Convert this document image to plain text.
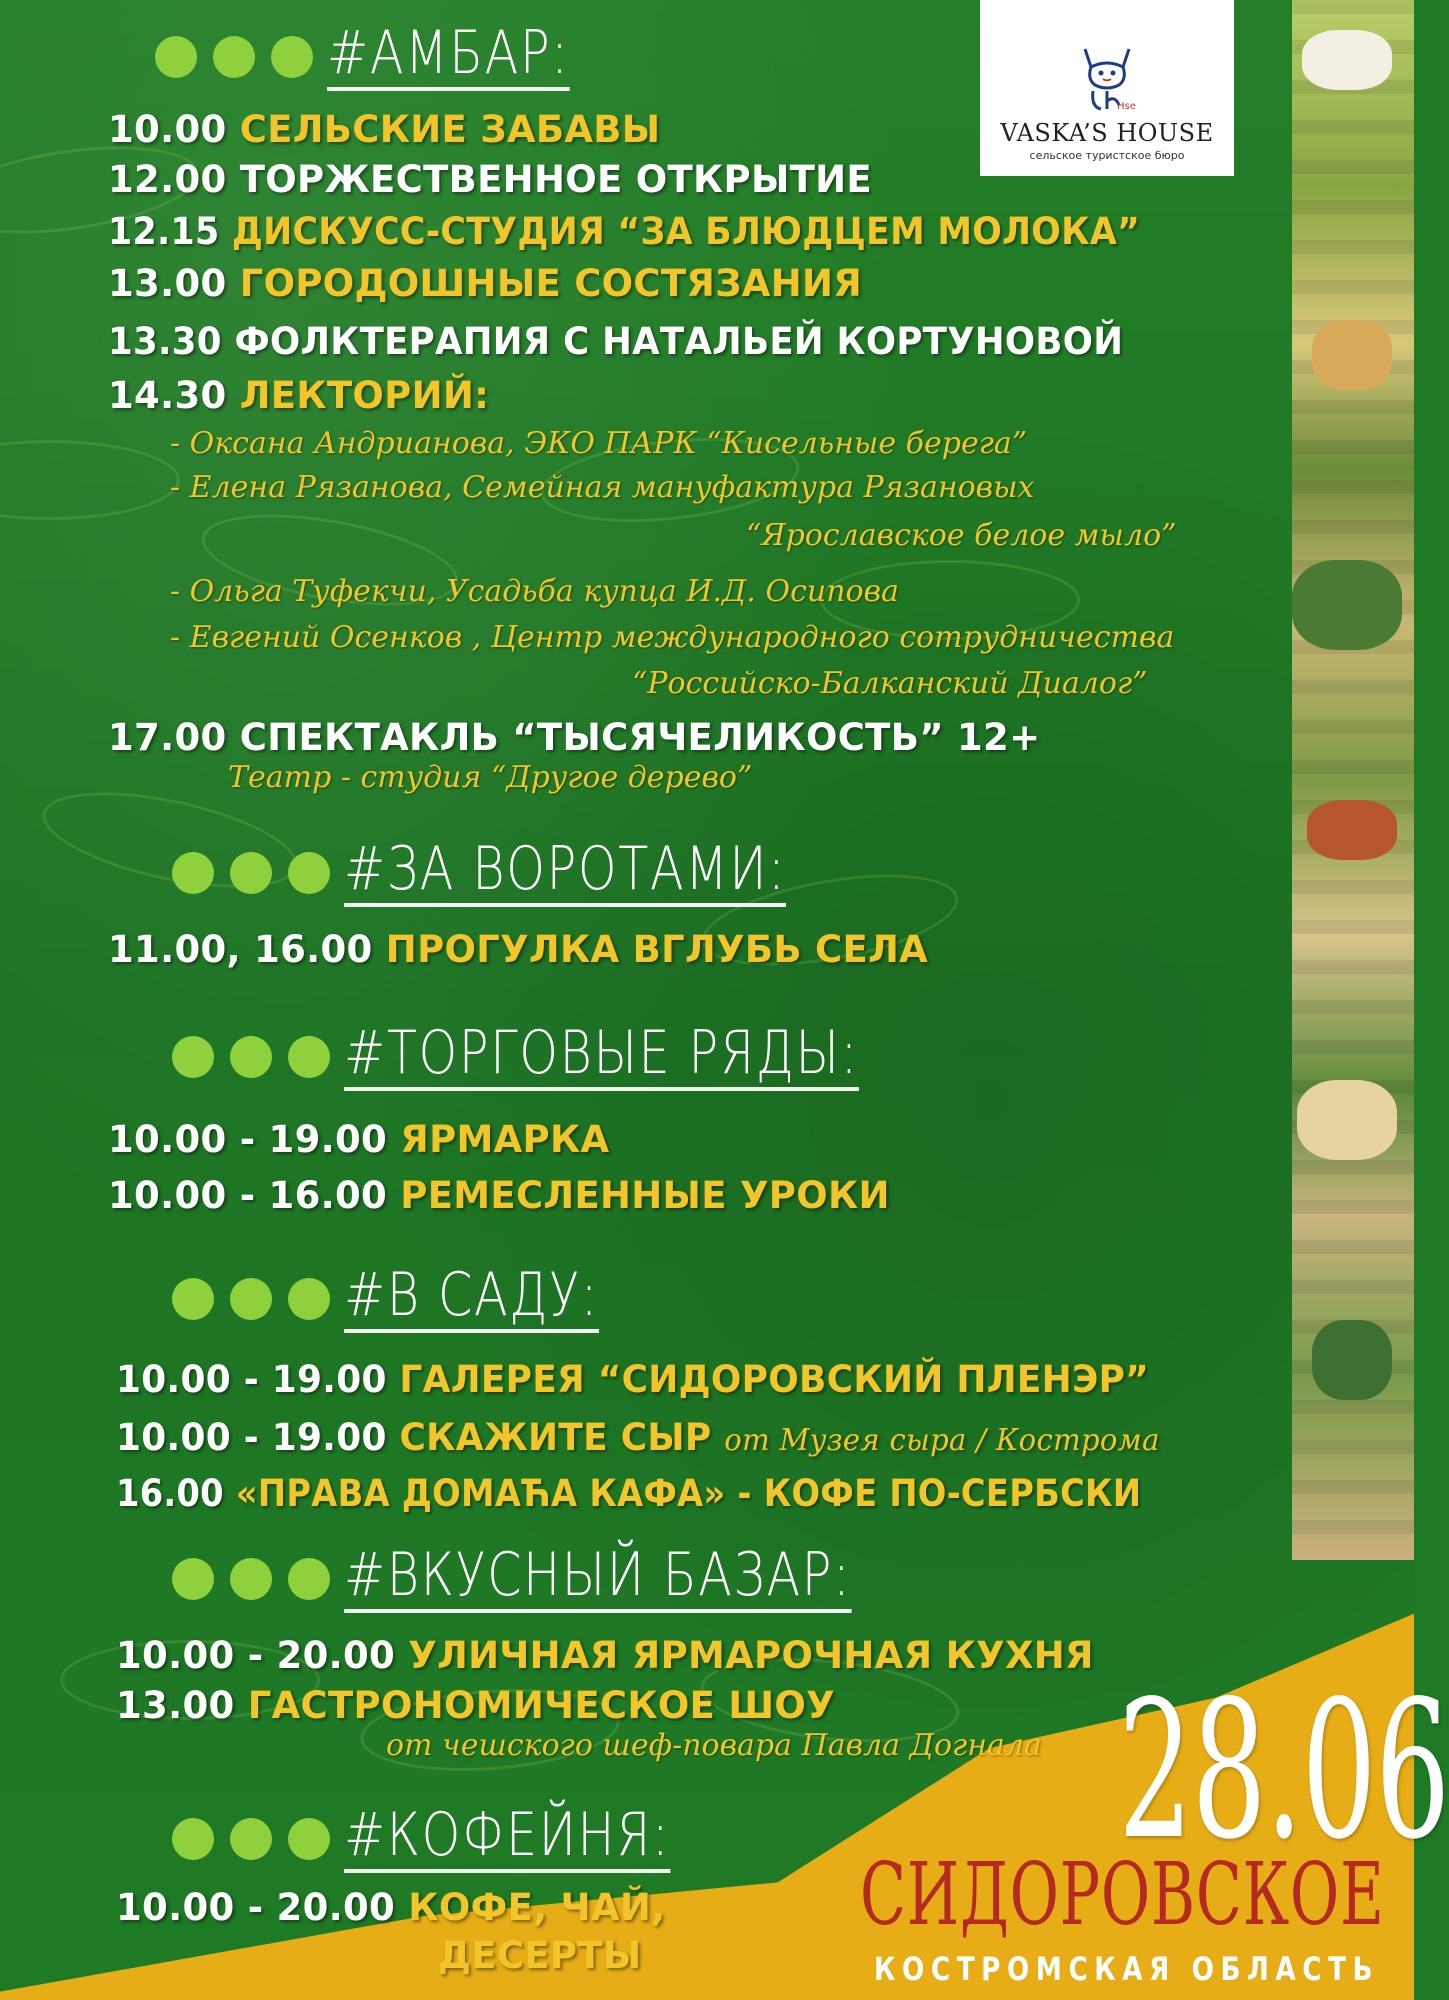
Hse
VASKA’S HOUSE
сельское туристское бюро
#АМБАР:
10.00 СЕЛЬСКИЕ ЗАБАВЫ
12.00 ТОРЖЕСТВЕННОЕ ОТКРЫТИЕ
12.15 ДИСКУСС-СТУДИЯ “ЗА БЛЮДЦЕМ МОЛОКА”
13.00 ГОРОДОШНЫЕ СОСТЯЗАНИЯ
13.30 ФОЛКТЕРАПИЯ С НАТАЛЬЕЙ КОРТУНОВОЙ
14.30 ЛЕКТОРИЙ:
- Оксана Андрианова, ЭКО ПАРК “Кисельные берега”
- Елена Рязанова, Семейная мануфактура Рязановых
“Ярославское белое мыло”
- Ольга Туфекчи, Усадьба купца И.Д. Осипова
- Евгений Осенков , Центр международного сотрудничества
“Российско-Балканский Диалог”
17.00 СПЕКТАКЛЬ “ТЫСЯЧЕЛИКОСТЬ” 12+
Театр - студия “Другое дерево”
#ЗА ВОРОТАМИ:
11.00, 16.00 ПРОГУЛКА ВГЛУБЬ СЕЛА
#ТОРГОВЫЕ РЯДЫ:
10.00 - 19.00 ЯРМАРКА
10.00 - 16.00 РЕМЕСЛЕННЫЕ УРОКИ
#В САДУ:
10.00 - 19.00 ГАЛЕРЕЯ “СИДОРОВСКИЙ ПЛЕНЭР”
10.00 - 19.00 СКАЖИТЕ СЫР от Музея сыра / Кострома
16.00 «ПРАВА ДОМАЋА КАФА» - КОФЕ ПО-СЕРБСКИ
#ВКУСНЫЙ БАЗАР:
10.00 - 20.00 УЛИЧНАЯ ЯРМАРОЧНАЯ КУХНЯ
13.00 ГАСТРОНОМИЧЕСКОЕ ШОУ
от чешского шеф-повара Павла Догнала
#КОФЕЙНЯ:
10.00 - 20.00 КОФЕ, ЧАЙ,
ДЕСЕРТЫ
28.06
СИДОРОВСКОЕ
КОСТРОМСКАЯ ОБЛАСТЬ
